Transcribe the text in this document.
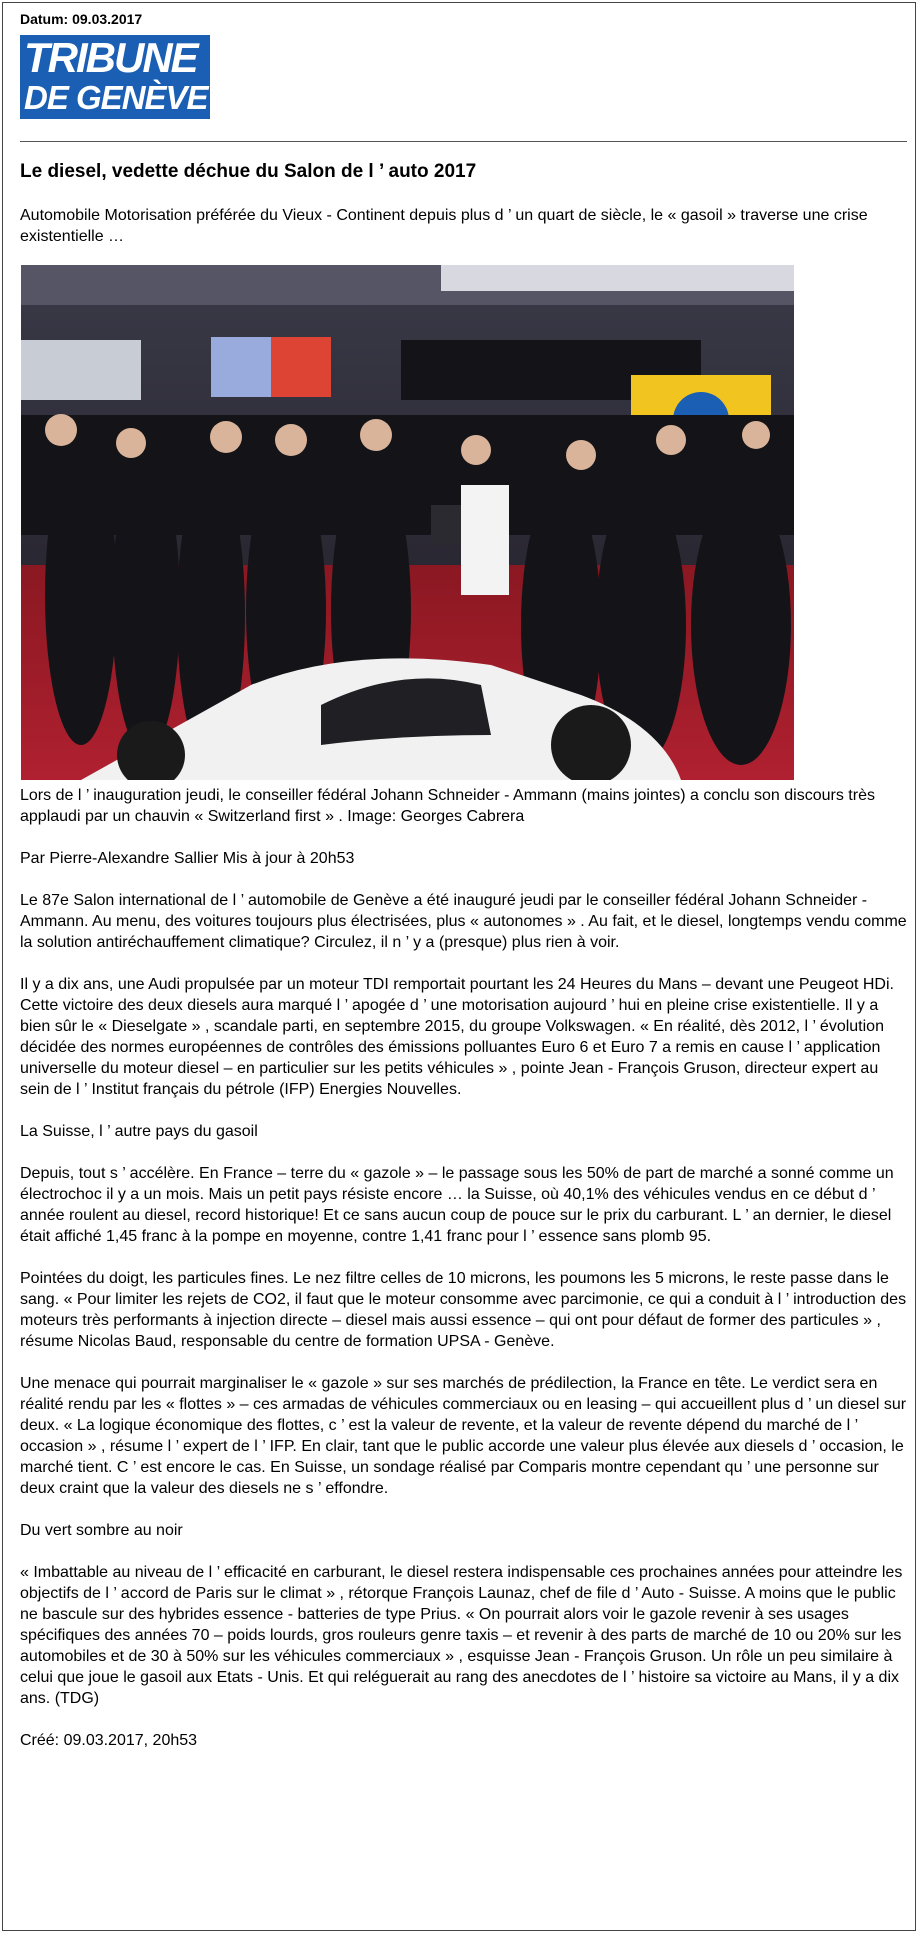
Datum: 09.03.2017
TRIBUNE
DE GENÈVE
Le diesel, vedette déchue du Salon de l ’ auto 2017

Automobile Motorisation préférée du Vieux - Continent depuis plus d ’ un quart de siècle, le « gasoil » traverse une crise existentielle …

Lors de l ’ inauguration jeudi, le conseiller fédéral Johann Schneider - Ammann (mains jointes) a conclu son discours très applaudi par un chauvin « Switzerland first » . Image: Georges Cabrera

Par Pierre-Alexandre Sallier Mis à jour à 20h53

Le 87e Salon international de l ’ automobile de Genève a été inauguré jeudi par le conseiller fédéral Johann Schneider - Ammann. Au menu, des voitures toujours plus électrisées, plus « autonomes » . Au fait, et le diesel, longtemps vendu comme la solution antiréchauffement climatique? Circulez, il n ’ y a (presque) plus rien à voir.

Il y a dix ans, une Audi propulsée par un moteur TDI remportait pourtant les 24 Heures du Mans – devant une Peugeot HDi. Cette victoire des deux diesels aura marqué l ’ apogée d ’ une motorisation aujourd ’ hui en pleine crise existentielle. Il y a bien sûr le « Dieselgate » , scandale parti, en septembre 2015, du groupe Volkswagen. « En réalité, dès 2012, l ’ évolution décidée des normes européennes de contrôles des émissions polluantes Euro 6 et Euro 7 a remis en cause l ’ application universelle du moteur diesel – en particulier sur les petits véhicules » , pointe Jean - François Gruson, directeur expert au sein de l ’ Institut français du pétrole (IFP) Energies Nouvelles.

La Suisse, l ’ autre pays du gasoil

Depuis, tout s ’ accélère. En France – terre du « gazole » – le passage sous les 50% de part de marché a sonné comme un électrochoc il y a un mois. Mais un petit pays résiste encore … la Suisse, où 40,1% des véhicules vendus en ce début d ’ année roulent au diesel, record historique! Et ce sans aucun coup de pouce sur le prix du carburant. L ’ an dernier, le diesel était affiché 1,45 franc à la pompe en moyenne, contre 1,41 franc pour l ’ essence sans plomb 95.

Pointées du doigt, les particules fines. Le nez filtre celles de 10 microns, les poumons les 5 microns, le reste passe dans le sang. « Pour limiter les rejets de CO2, il faut que le moteur consomme avec parcimonie, ce qui a conduit à l ’ introduction des moteurs très performants à injection directe – diesel mais aussi essence – qui ont pour défaut de former des particules » , résume Nicolas Baud, responsable du centre de formation UPSA - Genève.

Une menace qui pourrait marginaliser le « gazole » sur ses marchés de prédilection, la France en tête. Le verdict sera en réalité rendu par les « flottes » – ces armadas de véhicules commerciaux ou en leasing – qui accueillent plus d ’ un diesel sur deux. « La logique économique des flottes, c ’ est la valeur de revente, et la valeur de revente dépend du marché de l ’ occasion » , résume l ’ expert de l ’ IFP. En clair, tant que le public accorde une valeur plus élevée aux diesels d ’ occasion, le marché tient. C ’ est encore le cas. En Suisse, un sondage réalisé par Comparis montre cependant qu ’ une personne sur deux craint que la valeur des diesels ne s ’ effondre.

Du vert sombre au noir

« Imbattable au niveau de l ’ efficacité en carburant, le diesel restera indispensable ces prochaines années pour atteindre les objectifs de l ’ accord de Paris sur le climat » , rétorque François Launaz, chef de file d ’ Auto - Suisse. A moins que le public ne bascule sur des hybrides essence - batteries de type Prius. « On pourrait alors voir le gazole revenir à ses usages spécifiques des années 70 – poids lourds, gros rouleurs genre taxis – et revenir à des parts de marché de 10 ou 20% sur les automobiles et de 30 à 50% sur les véhicules commerciaux » , esquisse Jean - François Gruson. Un rôle un peu similaire à celui que joue le gasoil aux Etats - Unis. Et qui reléguerait au rang des anecdotes de l ’ histoire sa victoire au Mans, il y a dix ans. (TDG)

Créé: 09.03.2017, 20h53
